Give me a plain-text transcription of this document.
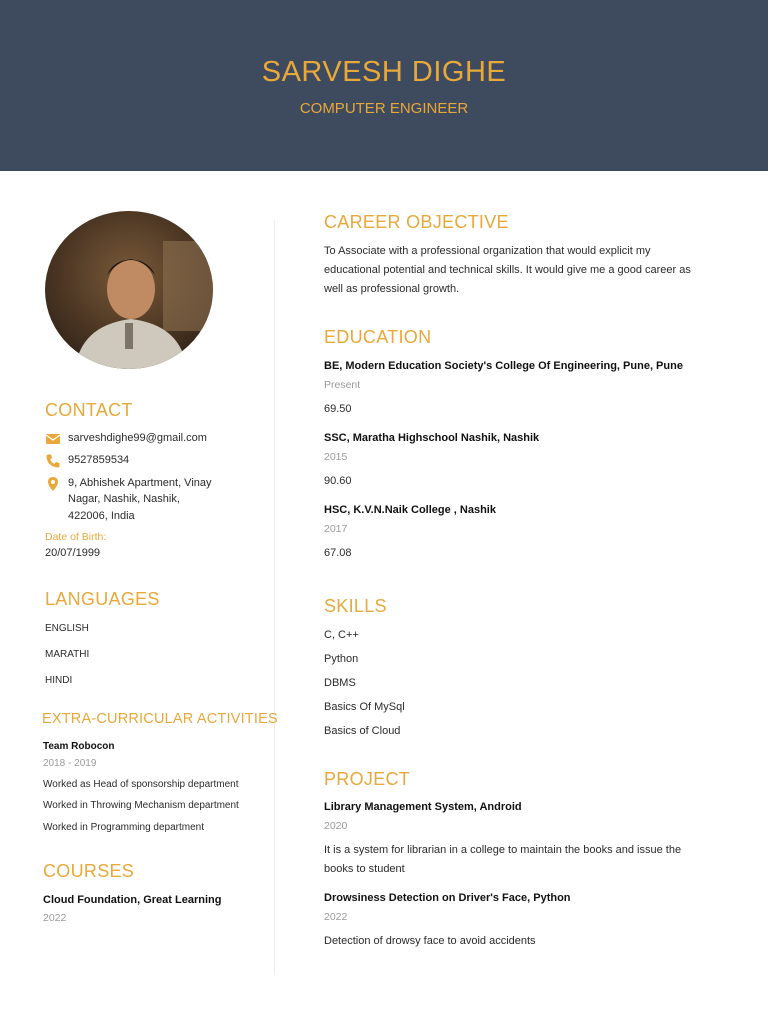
SARVESH DIGHE
COMPUTER ENGINEER
CONTACT
sarveshdighe99@gmail.com
9527859534
9, Abhishek Apartment, Vinay
Nagar, Nashik, Nashik,
422006, India
Date of Birth:
20/07/1999
LANGUAGES
ENGLISH
MARATHI
HINDI
EXTRA-CURRICULAR ACTIVITIES
Team Robocon
2018 - 2019
Worked as Head of sponsorship department
Worked in Throwing Mechanism department
Worked in Programming department
COURSES
Cloud Foundation, Great Learning
2022
CAREER OBJECTIVE
To Associate with a professional organization that would explicit my
educational potential and technical skills. It would give me a good career as
well as professional growth.
EDUCATION
BE, Modern Education Society's College Of Engineering, Pune, Pune
Present
69.50
SSC, Maratha Highschool Nashik, Nashik
2015
90.60
HSC, K.V.N.Naik College , Nashik
2017
67.08
SKILLS
C, C++
Python
DBMS
Basics Of MySql
Basics of Cloud
PROJECT
Library Management System, Android
2020
It is a system for librarian in a college to maintain the books and issue the
books to student
Drowsiness Detection on Driver's Face, Python
2022
Detection of drowsy face to avoid accidents
